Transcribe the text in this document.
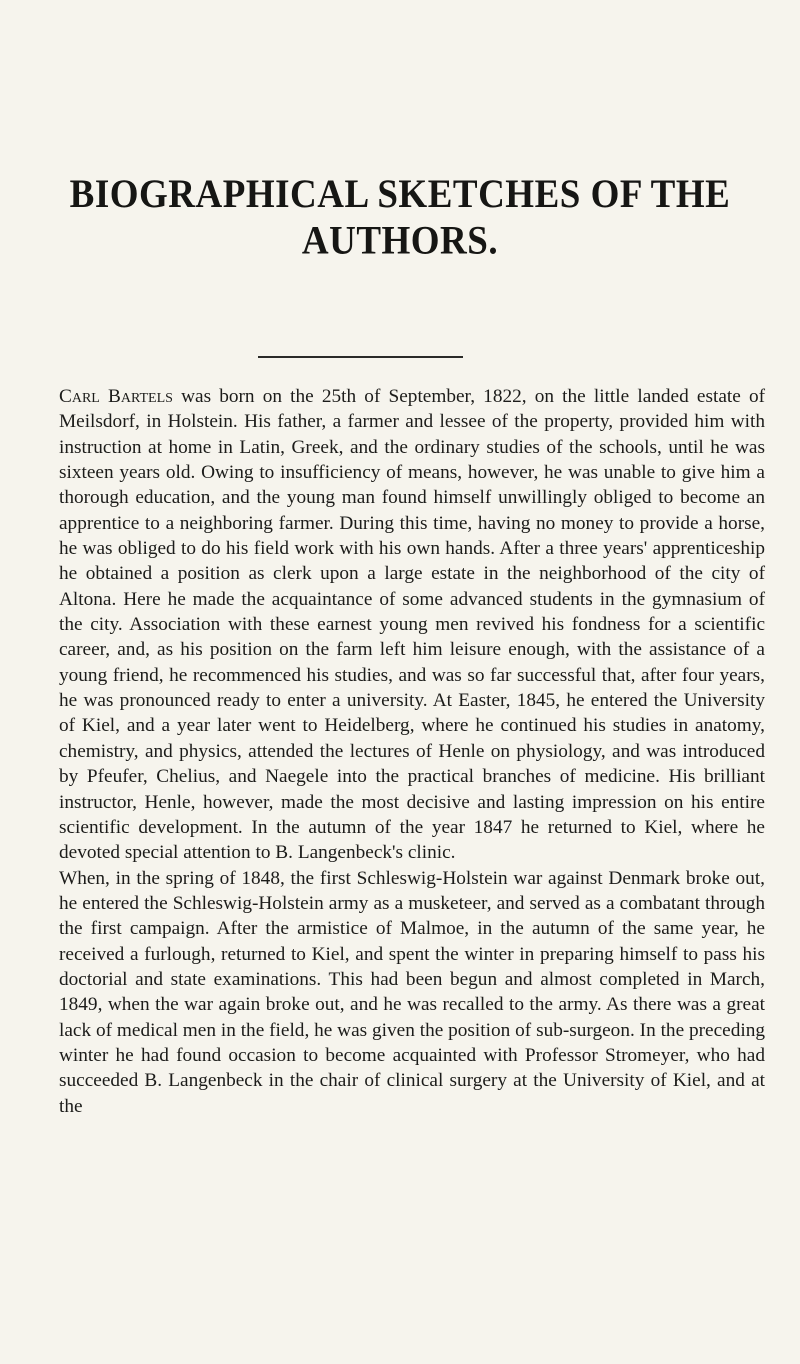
BIOGRAPHICAL SKETCHES OF THE AUTHORS.

Carl Bartels was born on the 25th of September, 1822, on the little landed estate of Meilsdorf, in Holstein. His father, a farmer and lessee of the property, provided him with instruction at home in Latin, Greek, and the ordinary studies of the schools, until he was sixteen years old. Owing to insufficiency of means, however, he was unable to give him a thorough education, and the young man found himself unwillingly obliged to become an apprentice to a neighboring farmer. During this time, having no money to provide a horse, he was obliged to do his field work with his own hands. After a three years' apprenticeship he obtained a position as clerk upon a large estate in the neighborhood of the city of Altona. Here he made the acquaintance of some advanced students in the gymnasium of the city. Association with these earnest young men revived his fondness for a scientific career, and, as his position on the farm left him leisure enough, with the assistance of a young friend, he recommenced his studies, and was so far successful that, after four years, he was pronounced ready to enter a university. At Easter, 1845, he entered the University of Kiel, and a year later went to Heidelberg, where he continued his studies in anatomy, chemistry, and physics, attended the lectures of Henle on physiology, and was introduced by Pfeufer, Chelius, and Naegele into the practical branches of medicine. His brilliant instructor, Henle, however, made the most decisive and lasting impression on his entire scientific development. In the autumn of the year 1847 he returned to Kiel, where he devoted special attention to B. Langenbeck's clinic.

When, in the spring of 1848, the first Schleswig-Holstein war against Denmark broke out, he entered the Schleswig-Holstein army as a musketeer, and served as a combatant through the first campaign. After the armistice of Malmoe, in the autumn of the same year, he received a furlough, returned to Kiel, and spent the winter in preparing himself to pass his doctorial and state examinations. This had been begun and almost completed in March, 1849, when the war again broke out, and he was recalled to the army. As there was a great lack of medical men in the field, he was given the position of sub-surgeon. In the preceding winter he had found occasion to become acquainted with Professor Stromeyer, who had succeeded B. Langenbeck in the chair of clinical surgery at the University of Kiel, and at the
